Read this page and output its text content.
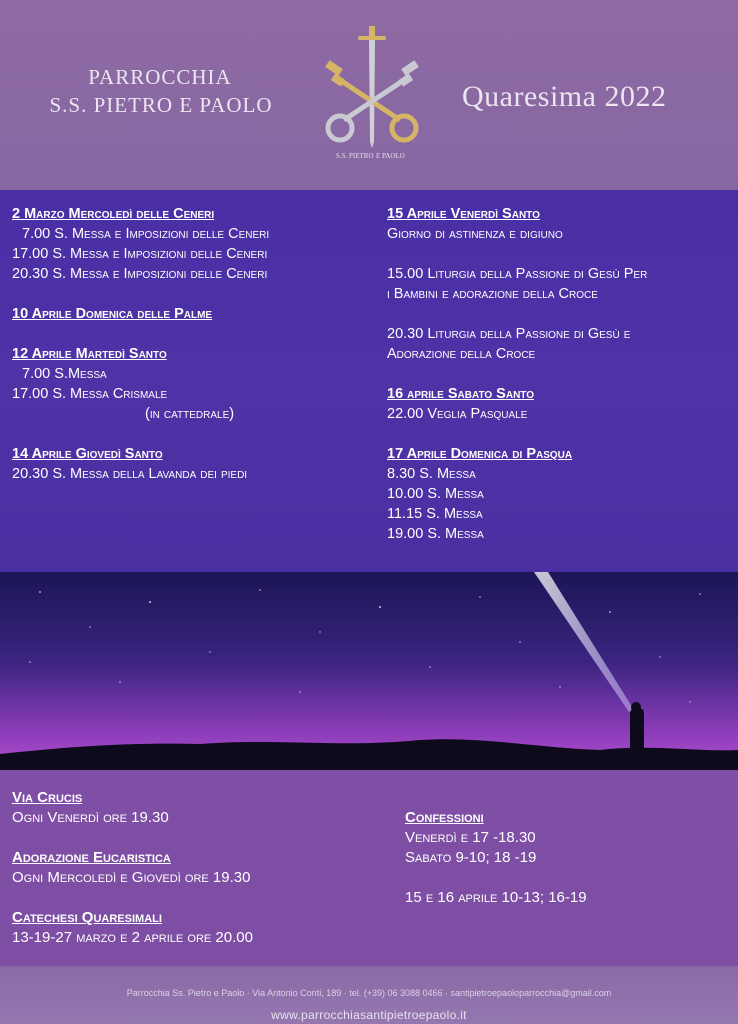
PARROCCHIA
S.S. PIETRO E PAOLO
S.S. PIETRO E PAOLO
Quaresima 2022
2 Marzo Mercoledì delle Ceneri
7.00 S. Messa e Imposizioni delle Ceneri
17.00 S. Messa e Imposizioni delle Ceneri
20.30 S. Messa e Imposizioni delle Ceneri
10 Aprile Domenica delle Palme
12 Aprile Martedì Santo
7.00 S.Messa
17.00 S. Messa Crismale
(in cattedrale)
14 Aprile Giovedì Santo
20.30 S. Messa della Lavanda dei piedi
15 Aprile Venerdì Santo
Giorno di astinenza e digiuno
15.00 Liturgia della Passione di Gesù Per
i Bambini e adorazione della Croce
20.30 Liturgia della Passione di Gesù e
Adorazione della Croce
16 aprile Sabato Santo
22.00 Veglia Pasquale
17 Aprile Domenica di Pasqua
8.30 S. Messa
10.00 S. Messa
11.15 S. Messa
19.00 S. Messa
Via Crucis
Ogni Venerdì ore 19.30
Adorazione Eucaristica
Ogni Mercoledì e Giovedì ore 19.30
Catechesi Quaresimali
13-19-27 marzo e 2 aprile ore 20.00
Confessioni
Venerdì e 17 -18.30
Sabato 9-10; 18 -19
15 e 16 aprile 10-13; 16-19
Parrocchia Ss. Pietro e Paolo · Via Antonio Conti, 189 · tel. (+39) 06 3088 0466 · santipietroepaoloparrocchia@gmail.com
www.parrocchiasantipietroepaolo.it
